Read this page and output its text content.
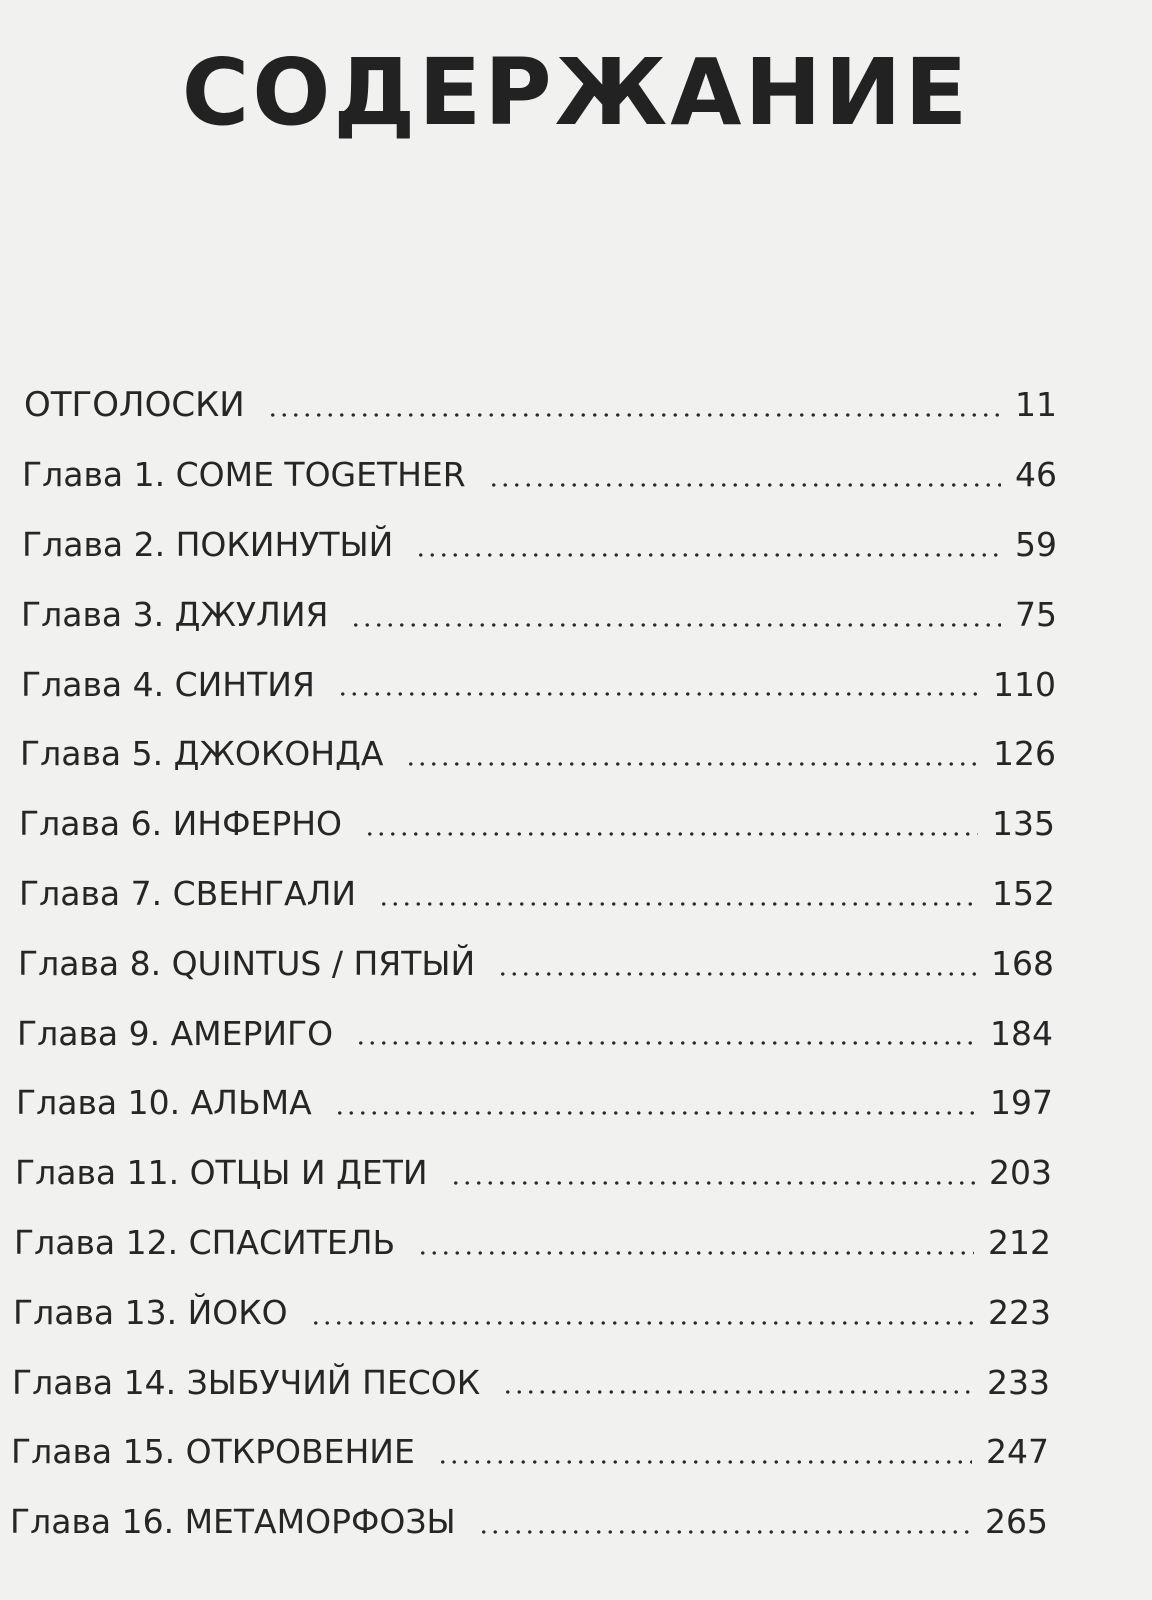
СОДЕРЖАНИЕ
ОТГОЛОСКИ	11
Глава 1. COME TOGETHER	46
Глава 2. ПОКИНУТЫЙ	59
Глава 3. ДЖУЛИЯ	75
Глава 4. СИНТИЯ	110
Глава 5. ДЖОКОНДА	126
Глава 6. ИНФЕРНО	135
Глава 7. СВЕНГАЛИ	152
Глава 8. QUINTUS / ПЯТЫЙ	168
Глава 9. АМЕРИГО	184
Глава 10. АЛЬМА	197
Глава 11. ОТЦЫ И ДЕТИ	203
Глава 12. СПАСИТЕЛЬ	212
Глава 13. ЙОКО	223
Глава 14. ЗЫБУЧИЙ ПЕСОК	233
Глава 15. ОТКРОВЕНИЕ	247
Глава 16. МЕТАМОРФОЗЫ	265
